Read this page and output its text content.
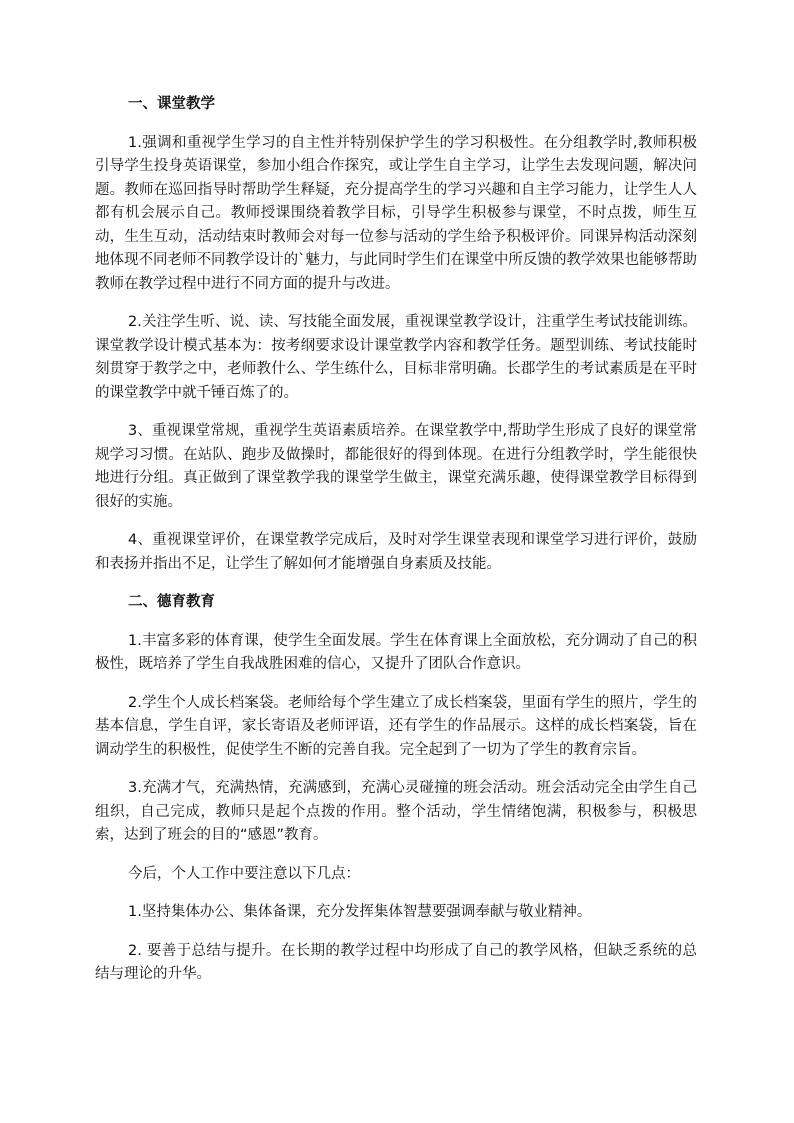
一、课堂教学

1.强调和重视学生学习的自主性并特别保护学生的学习积极性。在分组教学时,教师积极引导学生投身英语课堂，参加小组合作探究，或让学生自主学习，让学生去发现问题，解决问题。教师在巡回指导时帮助学生释疑，充分提高学生的学习兴趣和自主学习能力，让学生人人都有机会展示自己。教师授课围绕着教学目标，引导学生积极参与课堂，不时点拨，师生互动，生生互动，活动结束时教师会对每一位参与活动的学生给予积极评价。同课异构活动深刻地体现不同老师不同教学设计的`魅力，与此同时学生们在课堂中所反馈的教学效果也能够帮助教师在教学过程中进行不同方面的提升与改进。

2.关注学生听、说、读、写技能全面发展，重视课堂教学设计，注重学生考试技能训练。课堂教学设计模式基本为：按考纲要求设计课堂教学内容和教学任务。题型训练、考试技能时刻贯穿于教学之中，老师教什么、学生练什么，目标非常明确。长郡学生的考试素质是在平时的课堂教学中就千锤百炼了的。

3、重视课堂常规，重视学生英语素质培养。在课堂教学中,帮助学生形成了良好的课堂常规学习习惯。在站队、跑步及做操时，都能很好的得到体现。在进行分组教学时，学生能很快地进行分组。真正做到了课堂教学我的课堂学生做主，课堂充满乐趣，使得课堂教学目标得到很好的实施。

4、重视课堂评价，在课堂教学完成后，及时对学生课堂表现和课堂学习进行评价，鼓励和表扬并指出不足，让学生了解如何才能增强自身素质及技能。

二、德育教育

1.丰富多彩的体育课，使学生全面发展。学生在体育课上全面放松，充分调动了自己的积极性，既培养了学生自我战胜困难的信心，又提升了团队合作意识。

2.学生个人成长档案袋。老师给每个学生建立了成长档案袋，里面有学生的照片，学生的基本信息，学生自评，家长寄语及老师评语，还有学生的作品展示。这样的成长档案袋，旨在调动学生的积极性，促使学生不断的完善自我。完全起到了一切为了学生的教育宗旨。

3.充满才气，充满热情，充满感到，充满心灵碰撞的班会活动。班会活动完全由学生自己组织，自己完成，教师只是起个点拨的作用。整个活动，学生情绪饱满，积极参与，积极思索，达到了班会的目的“感恩”教育。

今后，个人工作中要注意以下几点：

1.坚持集体办公、集体备课，充分发挥集体智慧要强调奉献与敬业精神。

2. 要善于总结与提升。在长期的教学过程中均形成了自己的教学风格，但缺乏系统的总结与理论的升华。
